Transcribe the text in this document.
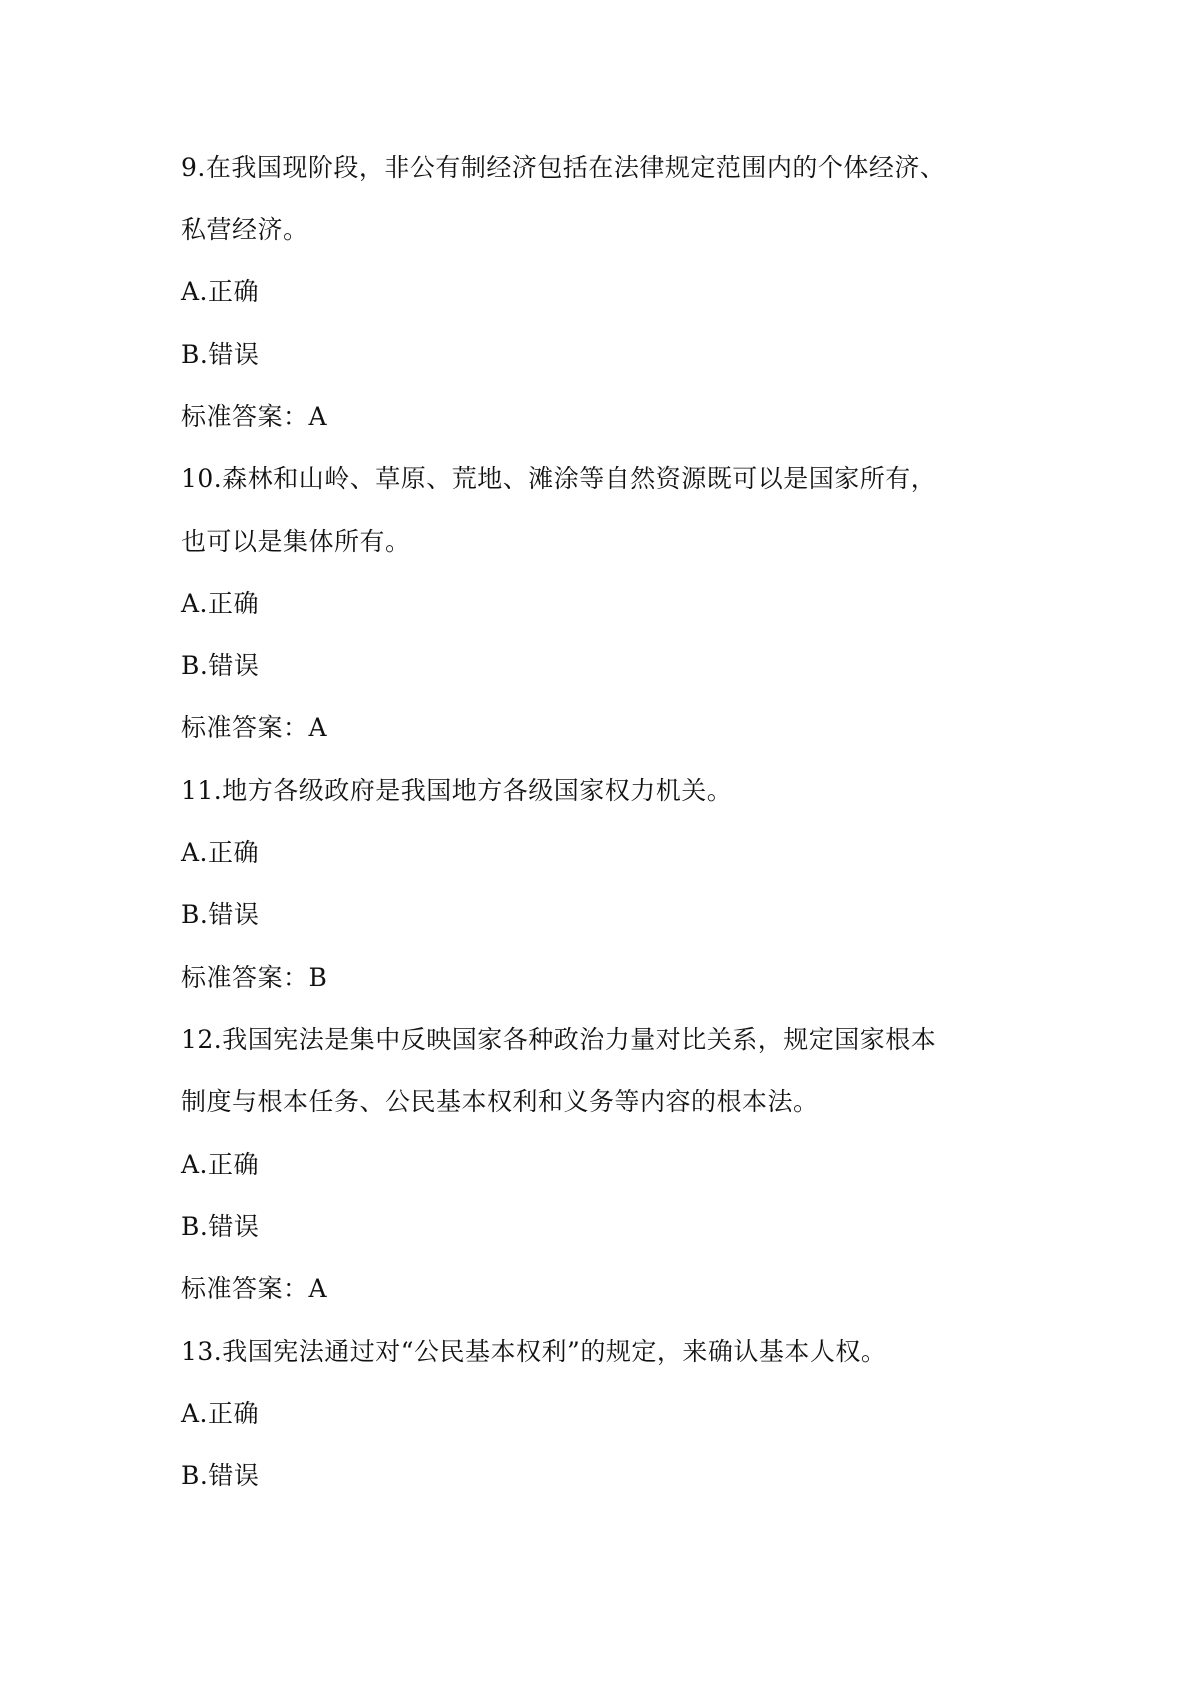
9.在我国现阶段，非公有制经济包括在法律规定范围内的个体经济、
私营经济。
A.正确
B.错误
标准答案：A
10.森林和山岭、草原、荒地、滩涂等自然资源既可以是国家所有，
也可以是集体所有。
A.正确
B.错误
标准答案：A
11.地方各级政府是我国地方各级国家权力机关。
A.正确
B.错误
标准答案：B
12.我国宪法是集中反映国家各种政治力量对比关系，规定国家根本
制度与根本任务、公民基本权利和义务等内容的根本法。
A.正确
B.错误
标准答案：A
13.我国宪法通过对“公民基本权利”的规定，来确认基本人权。
A.正确
B.错误
